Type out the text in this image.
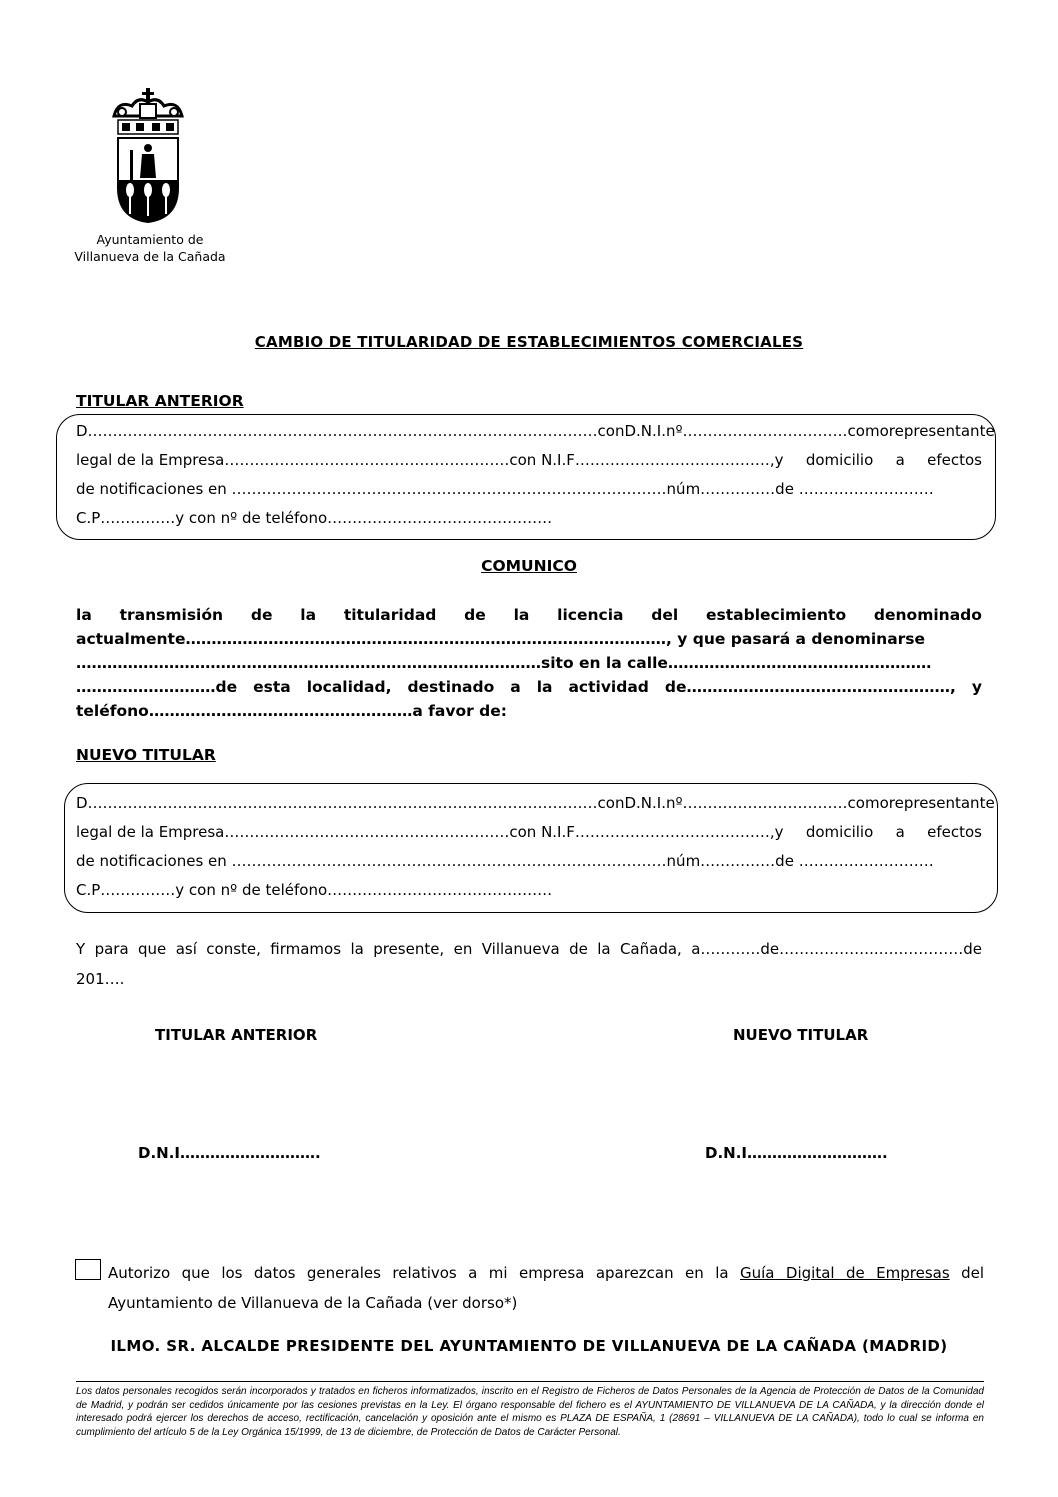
Ayuntamiento de
Villanueva de la Cañada
CAMBIO DE TITULARIDAD DE ESTABLECIMIENTOS COMERCIALES
TITULAR ANTERIOR
D…………………………………………………………………………………………con D.N.I. nº……………………………como representante
legal de la Empresa…………………………………………………con N.I.F…………………………………,y domicilio a efectos
de notificaciones en ……………………………………………………………………………núm……………de ………………………
C.P……………y con nº de teléfono………………………………………
COMUNICO
la transmisión de la titularidad de la licencia del establecimiento denominado
actualmente…………………………………………………………………………………, y que pasará a denominarse
………………………………………………………………………………sito en la calle……………………………………………
………………………de esta localidad, destinado a la actividad de……………………………………………, y
teléfono……………………………………………a favor de:
NUEVO TITULAR
D…………………………………………………………………………………………con D.N.I. nº……………………………como representante
legal de la Empresa…………………………………………………con N.I.F…………………………………,y domicilio a efectos
de notificaciones en ……………………………………………………………………………núm……………de ………………………
C.P……………y con nº de teléfono………………………………………
Y para que así conste, firmamos la presente, en Villanueva de la Cañada, a…………de………………..…..…………de
201….
TITULAR ANTERIOR	NUEVO TITULAR
D.N.I……………………….	D.N.I……………………….
Autorizo que los datos generales relativos a mi empresa aparezcan en la Guía Digital de Empresas del Ayuntamiento de Villanueva de la Cañada (ver dorso*)
ILMO. SR. ALCALDE PRESIDENTE DEL AYUNTAMIENTO DE VILLANUEVA DE LA CAÑADA (MADRID)
Los datos personales recogidos serán incorporados y tratados en ficheros informatizados, inscrito en el Registro de Ficheros de Datos Personales de la Agencia de Protección de Datos de la Comunidad de Madrid, y podrán ser cedidos únicamente por las cesiones previstas en la Ley. El órgano responsable del fichero es el AYUNTAMIENTO DE VILLANUEVA DE LA CAÑADA, y la dirección donde el interesado podrá ejercer los derechos de acceso, rectificación, cancelación y oposición ante el mismo es PLAZA DE ESPAÑA, 1 (28691 – VILLANUEVA DE LA CAÑADA), todo lo cual se informa en cumplimiento del artículo 5 de la Ley Orgánica 15/1999, de 13 de diciembre, de Protección de Datos de Carácter Personal.
